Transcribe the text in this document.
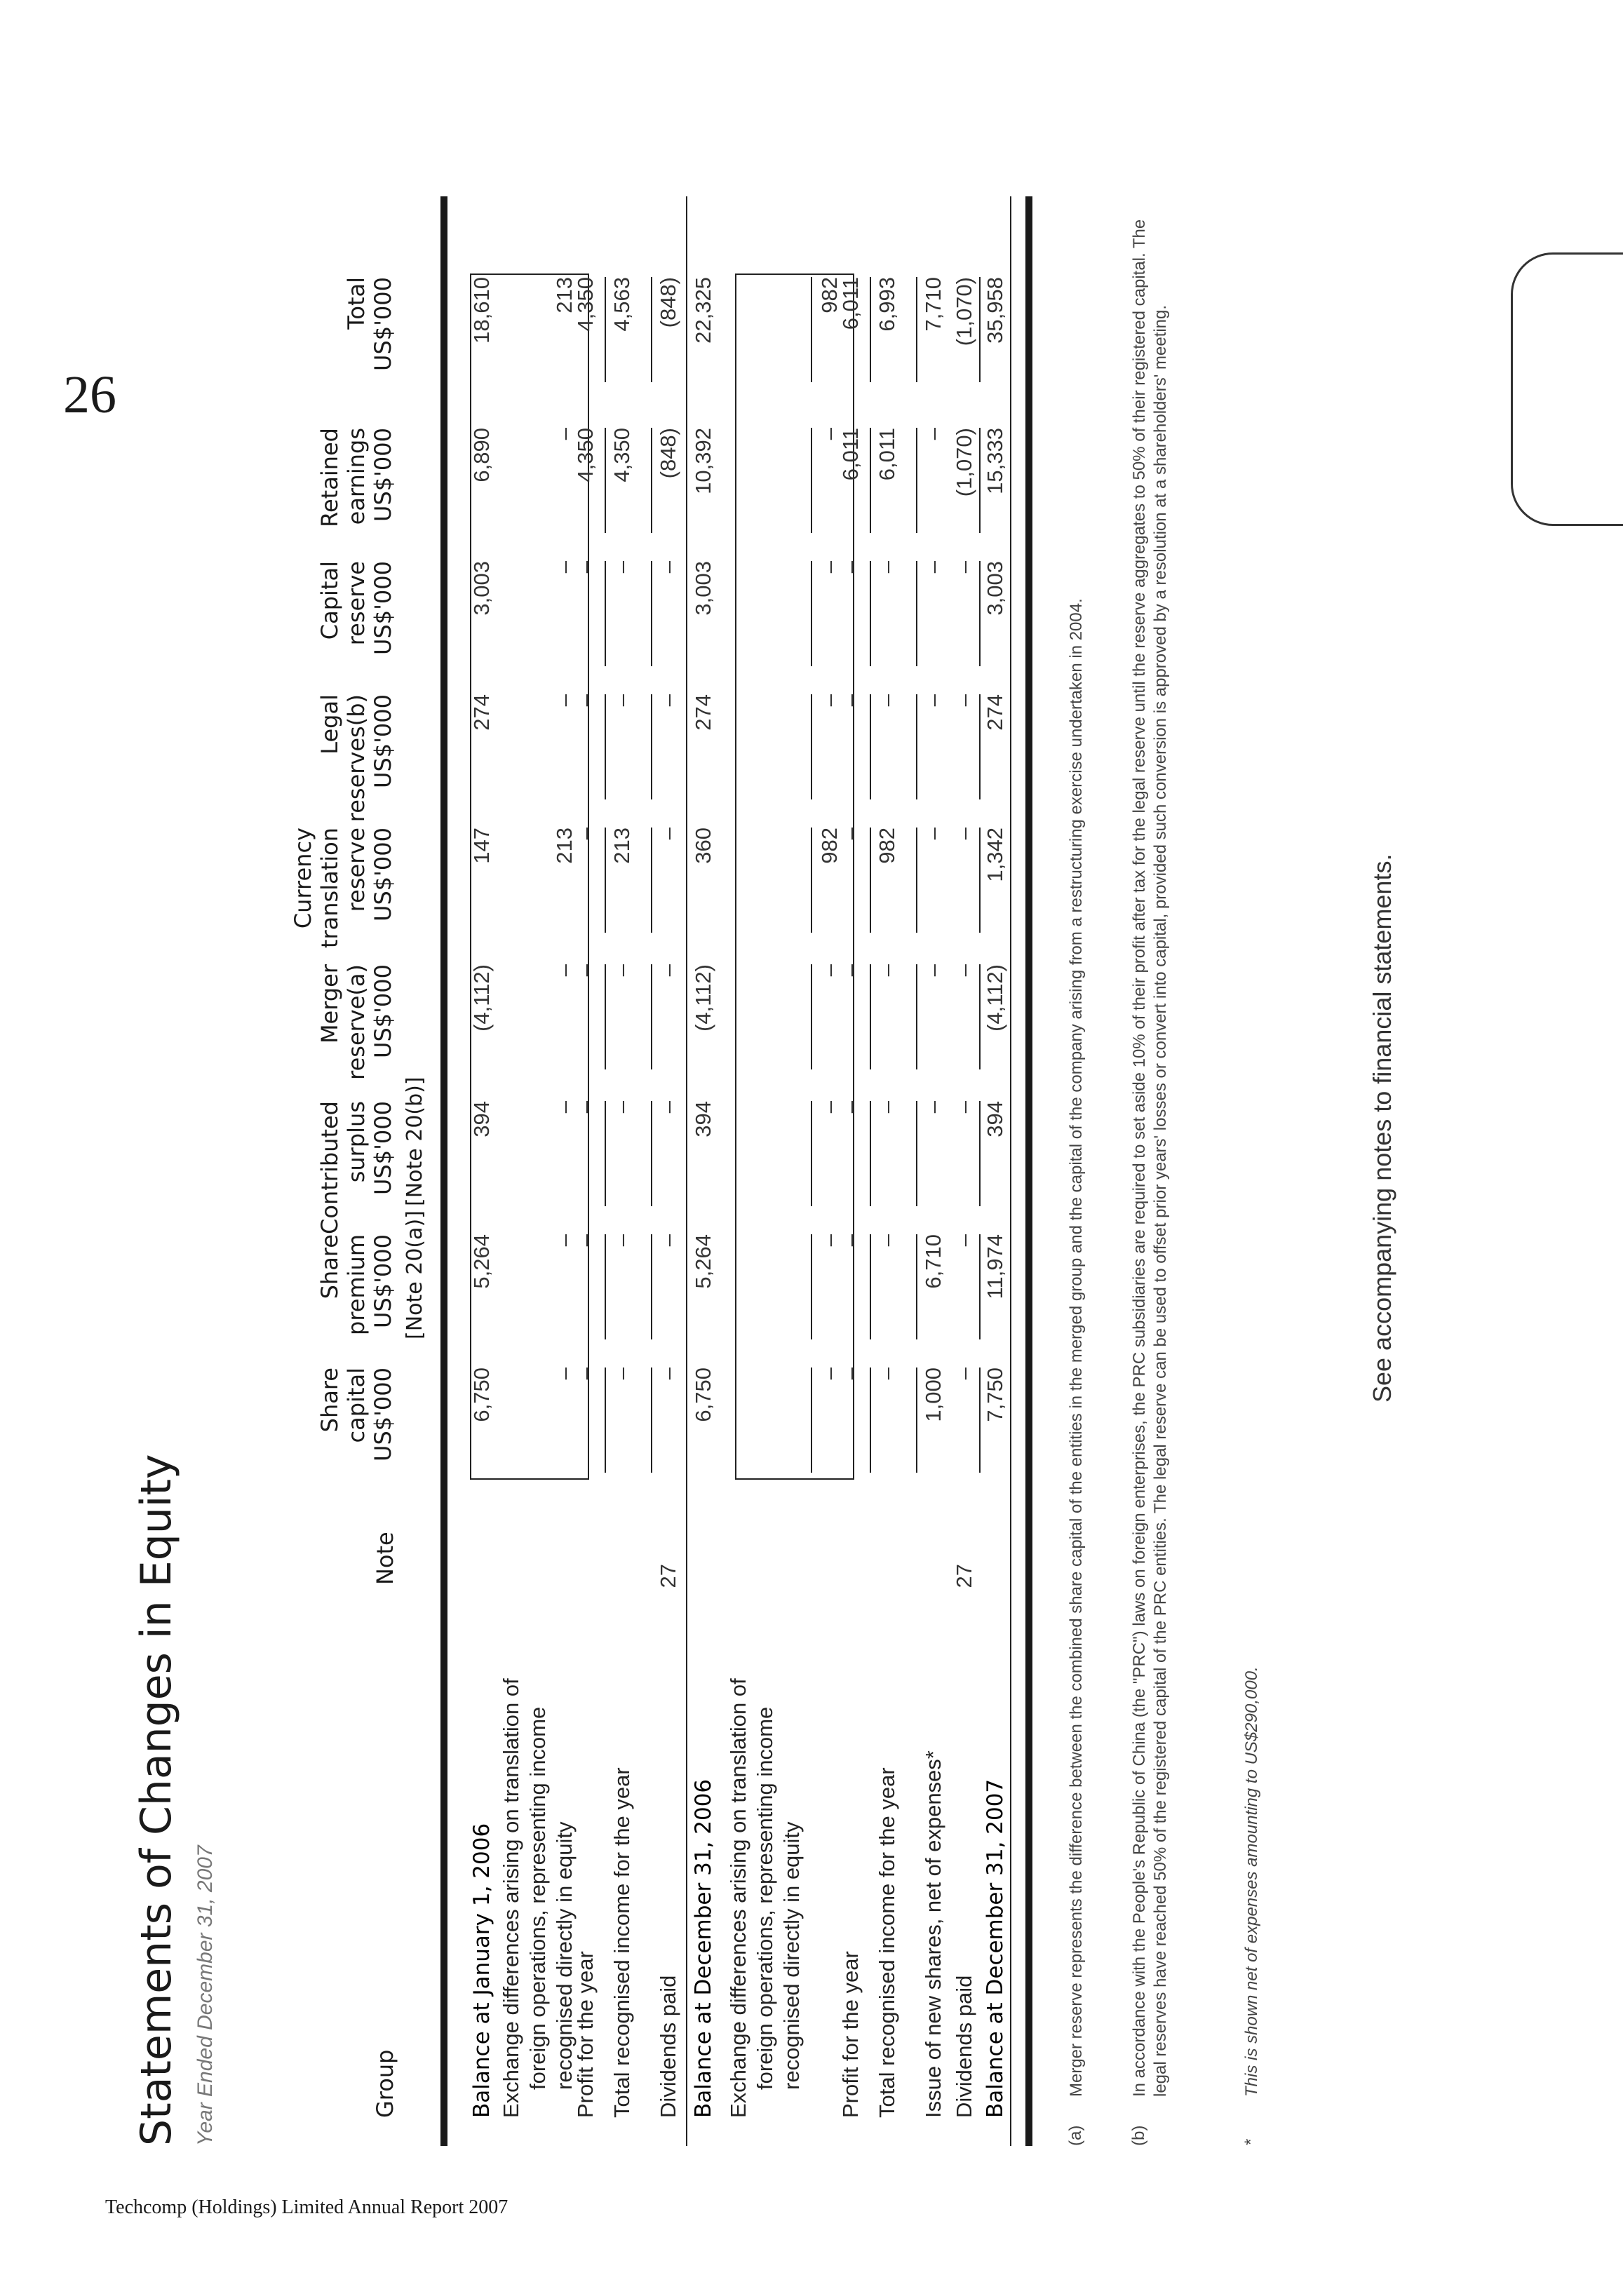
26
Techcomp (Holdings) Limited Annual Report 2007
Statements of Changes in Equity Year Ended December 31, 2007	Group
Note
Balance at January 1, 2006
6,750
5,264
394
(4,112)
147
274
3,003
6,890
18,610
Exchange differences arising on translation of foreign operations, representing income recognised directly in equity
–
–
–
–
213
–
–
–
213
Profit for the year
–
–
–
–
–
–
–
4,350
4,350
Total recognised income for the year
–
–
–
–
213
–
–
4,350
4,563
Dividends paid
27
–
–
–
–
–
–
–
(848)
(848)
Balance at December 31, 2006
6,750
5,264
394
(4,112)
360
274
3,003
10,392
22,325
Exchange differences arising on translation of foreign operations, representing income recognised directly in equity
–
–
–
–
982
–
–
–
982
Profit for the year
–
–
–
–
–
–
–
6,011
6,011
Total recognised income for the year
–
–
–
–
982
–
–
6,011
6,993
Issue of new shares, net of expenses*
1,000
6,710
–
–
–
–
–
–
7,710
Dividends paid
27
–
–
–
–
–
–
–
(1,070)
(1,070)
Balance at December 31, 2007
7,750
11,974
394
(4,112)
1,342
274
3,003
15,333
35,958
(a)
Merger reserve represents the difference between the combined share capital of the entities in the merged group and the capital of the company arising from a restructuring exercise undertaken in 2004.
(b)
In accordance with the People's Republic of China (the "PRC") laws on foreign enterprises, the PRC subsidiaries are required to set aside 10% of their profit after tax for the legal reserve until the reserve aggregates to 50% of their registered capital. The legal reserves have reached 50% of the registered capital of the PRC entities. The legal reserve can be used to offset prior years' losses or convert into capital, provided such conversion is approved by a resolution at a shareholders' meeting.
*
This is shown net of expenses amounting to US$290,000.
See accompanying notes to financial statements.
Share capital US$'000
Share premium US$'000
Contributed surplus US$'000
Merger reserve(a) US$'000
Currency translation reserve US$'000
Legal reserves(b) US$'000
Capital reserve US$'000
Retained earnings US$'000
Total US$'000
[Note 20(a)]
[Note 20(b)]
